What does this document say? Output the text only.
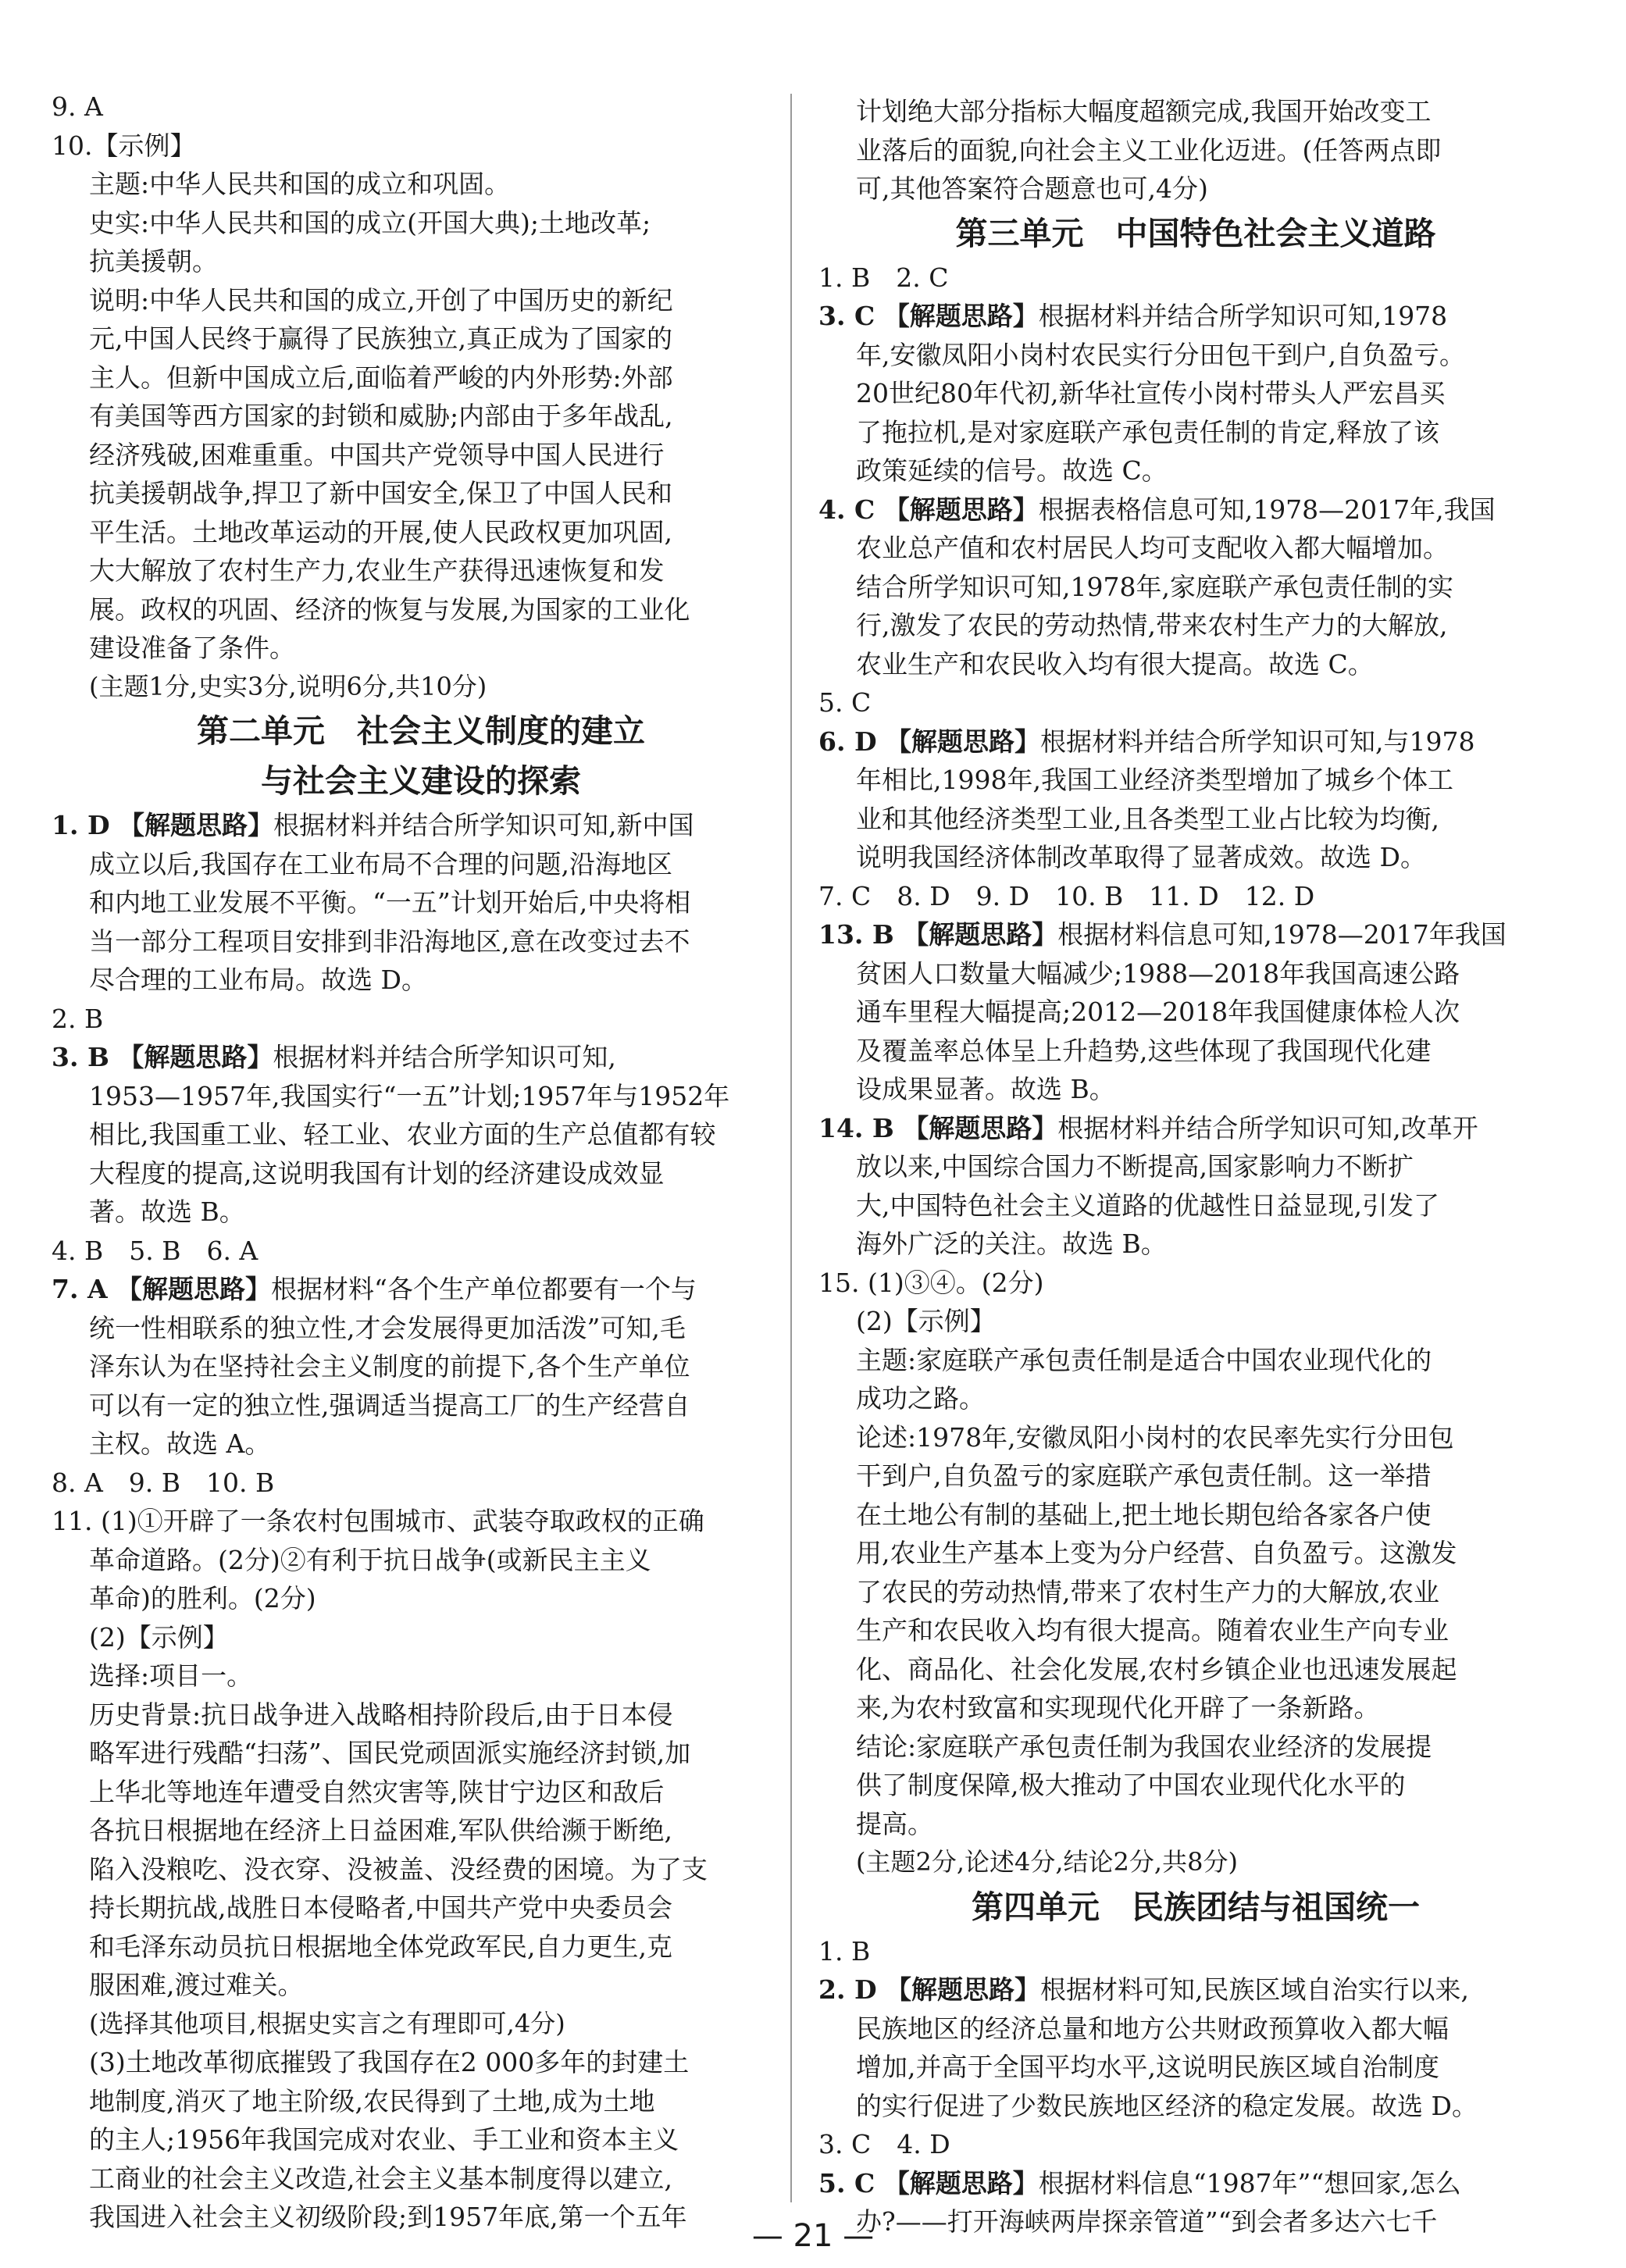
9. A
10.【示例】
主题:中华人民共和国的成立和巩固。
史实:中华人民共和国的成立(开国大典);土地改革;
抗美援朝。
说明:中华人民共和国的成立,开创了中国历史的新纪
元,中国人民终于赢得了民族独立,真正成为了国家的
主人。但新中国成立后,面临着严峻的内外形势:外部
有美国等西方国家的封锁和威胁;内部由于多年战乱,
经济残破,困难重重。中国共产党领导中国人民进行
抗美援朝战争,捍卫了新中国安全,保卫了中国人民和
平生活。土地改革运动的开展,使人民政权更加巩固,
大大解放了农村生产力,农业生产获得迅速恢复和发
展。政权的巩固、经济的恢复与发展,为国家的工业化
建设准备了条件。
(主题1分,史实3分,说明6分,共10分)
第二单元　社会主义制度的建立
与社会主义建设的探索
1. D 【解题思路】根据材料并结合所学知识可知,新中国
成立以后,我国存在工业布局不合理的问题,沿海地区
和内地工业发展不平衡。“一五”计划开始后,中央将相
当一部分工程项目安排到非沿海地区,意在改变过去不
尽合理的工业布局。故选 D。
2. B
3. B 【解题思路】根据材料并结合所学知识可知,
1953—1957年,我国实行“一五”计划;1957年与1952年
相比,我国重工业、轻工业、农业方面的生产总值都有较
大程度的提高,这说明我国有计划的经济建设成效显
著。故选 B。
4. B　5. B　6. A
7. A 【解题思路】根据材料“各个生产单位都要有一个与
统一性相联系的独立性,才会发展得更加活泼”可知,毛
泽东认为在坚持社会主义制度的前提下,各个生产单位
可以有一定的独立性,强调适当提高工厂的生产经营自
主权。故选 A。
8. A　9. B　10. B
11. (1)①开辟了一条农村包围城市、武装夺取政权的正确
革命道路。(2分)②有利于抗日战争(或新民主主义
革命)的胜利。(2分)
(2)【示例】
选择:项目一。
历史背景:抗日战争进入战略相持阶段后,由于日本侵
略军进行残酷“扫荡”、国民党顽固派实施经济封锁,加
上华北等地连年遭受自然灾害等,陕甘宁边区和敌后
各抗日根据地在经济上日益困难,军队供给濒于断绝,
陷入没粮吃、没衣穿、没被盖、没经费的困境。为了支
持长期抗战,战胜日本侵略者,中国共产党中央委员会
和毛泽东动员抗日根据地全体党政军民,自力更生,克
服困难,渡过难关。
(选择其他项目,根据史实言之有理即可,4分)
(3)土地改革彻底摧毁了我国存在2 000多年的封建土
地制度,消灭了地主阶级,农民得到了土地,成为土地
的主人;1956年我国完成对农业、手工业和资本主义
工商业的社会主义改造,社会主义基本制度得以建立,
我国进入社会主义初级阶段;到1957年底,第一个五年
计划绝大部分指标大幅度超额完成,我国开始改变工
业落后的面貌,向社会主义工业化迈进。(任答两点即
可,其他答案符合题意也可,4分)
第三单元　中国特色社会主义道路
1. B　2. C
3. C 【解题思路】根据材料并结合所学知识可知,1978
年,安徽凤阳小岗村农民实行分田包干到户,自负盈亏。
20世纪80年代初,新华社宣传小岗村带头人严宏昌买
了拖拉机,是对家庭联产承包责任制的肯定,释放了该
政策延续的信号。故选 C。
4. C 【解题思路】根据表格信息可知,1978—2017年,我国
农业总产值和农村居民人均可支配收入都大幅增加。
结合所学知识可知,1978年,家庭联产承包责任制的实
行,激发了农民的劳动热情,带来农村生产力的大解放,
农业生产和农民收入均有很大提高。故选 C。
5. C
6. D 【解题思路】根据材料并结合所学知识可知,与1978
年相比,1998年,我国工业经济类型增加了城乡个体工
业和其他经济类型工业,且各类型工业占比较为均衡,
说明我国经济体制改革取得了显著成效。故选 D。
7. C　8. D　9. D　10. B　11. D　12. D
13. B 【解题思路】根据材料信息可知,1978—2017年我国
贫困人口数量大幅减少;1988—2018年我国高速公路
通车里程大幅提高;2012—2018年我国健康体检人次
及覆盖率总体呈上升趋势,这些体现了我国现代化建
设成果显著。故选 B。
14. B 【解题思路】根据材料并结合所学知识可知,改革开
放以来,中国综合国力不断提高,国家影响力不断扩
大,中国特色社会主义道路的优越性日益显现,引发了
海外广泛的关注。故选 B。
15. (1)③④。(2分)
(2)【示例】
主题:家庭联产承包责任制是适合中国农业现代化的
成功之路。
论述:1978年,安徽凤阳小岗村的农民率先实行分田包
干到户,自负盈亏的家庭联产承包责任制。这一举措
在土地公有制的基础上,把土地长期包给各家各户使
用,农业生产基本上变为分户经营、自负盈亏。这激发
了农民的劳动热情,带来了农村生产力的大解放,农业
生产和农民收入均有很大提高。随着农业生产向专业
化、商品化、社会化发展,农村乡镇企业也迅速发展起
来,为农村致富和实现现代化开辟了一条新路。
结论:家庭联产承包责任制为我国农业经济的发展提
供了制度保障,极大推动了中国农业现代化水平的
提高。
(主题2分,论述4分,结论2分,共8分)
第四单元　民族团结与祖国统一
1. B
2. D 【解题思路】根据材料可知,民族区域自治实行以来,
民族地区的经济总量和地方公共财政预算收入都大幅
增加,并高于全国平均水平,这说明民族区域自治制度
的实行促进了少数民族地区经济的稳定发展。故选 D。
3. C　4. D
5. C 【解题思路】根据材料信息“1987年”“想回家,怎么
办?——打开海峡两岸探亲管道”“到会者多达六七千
— 21 —
